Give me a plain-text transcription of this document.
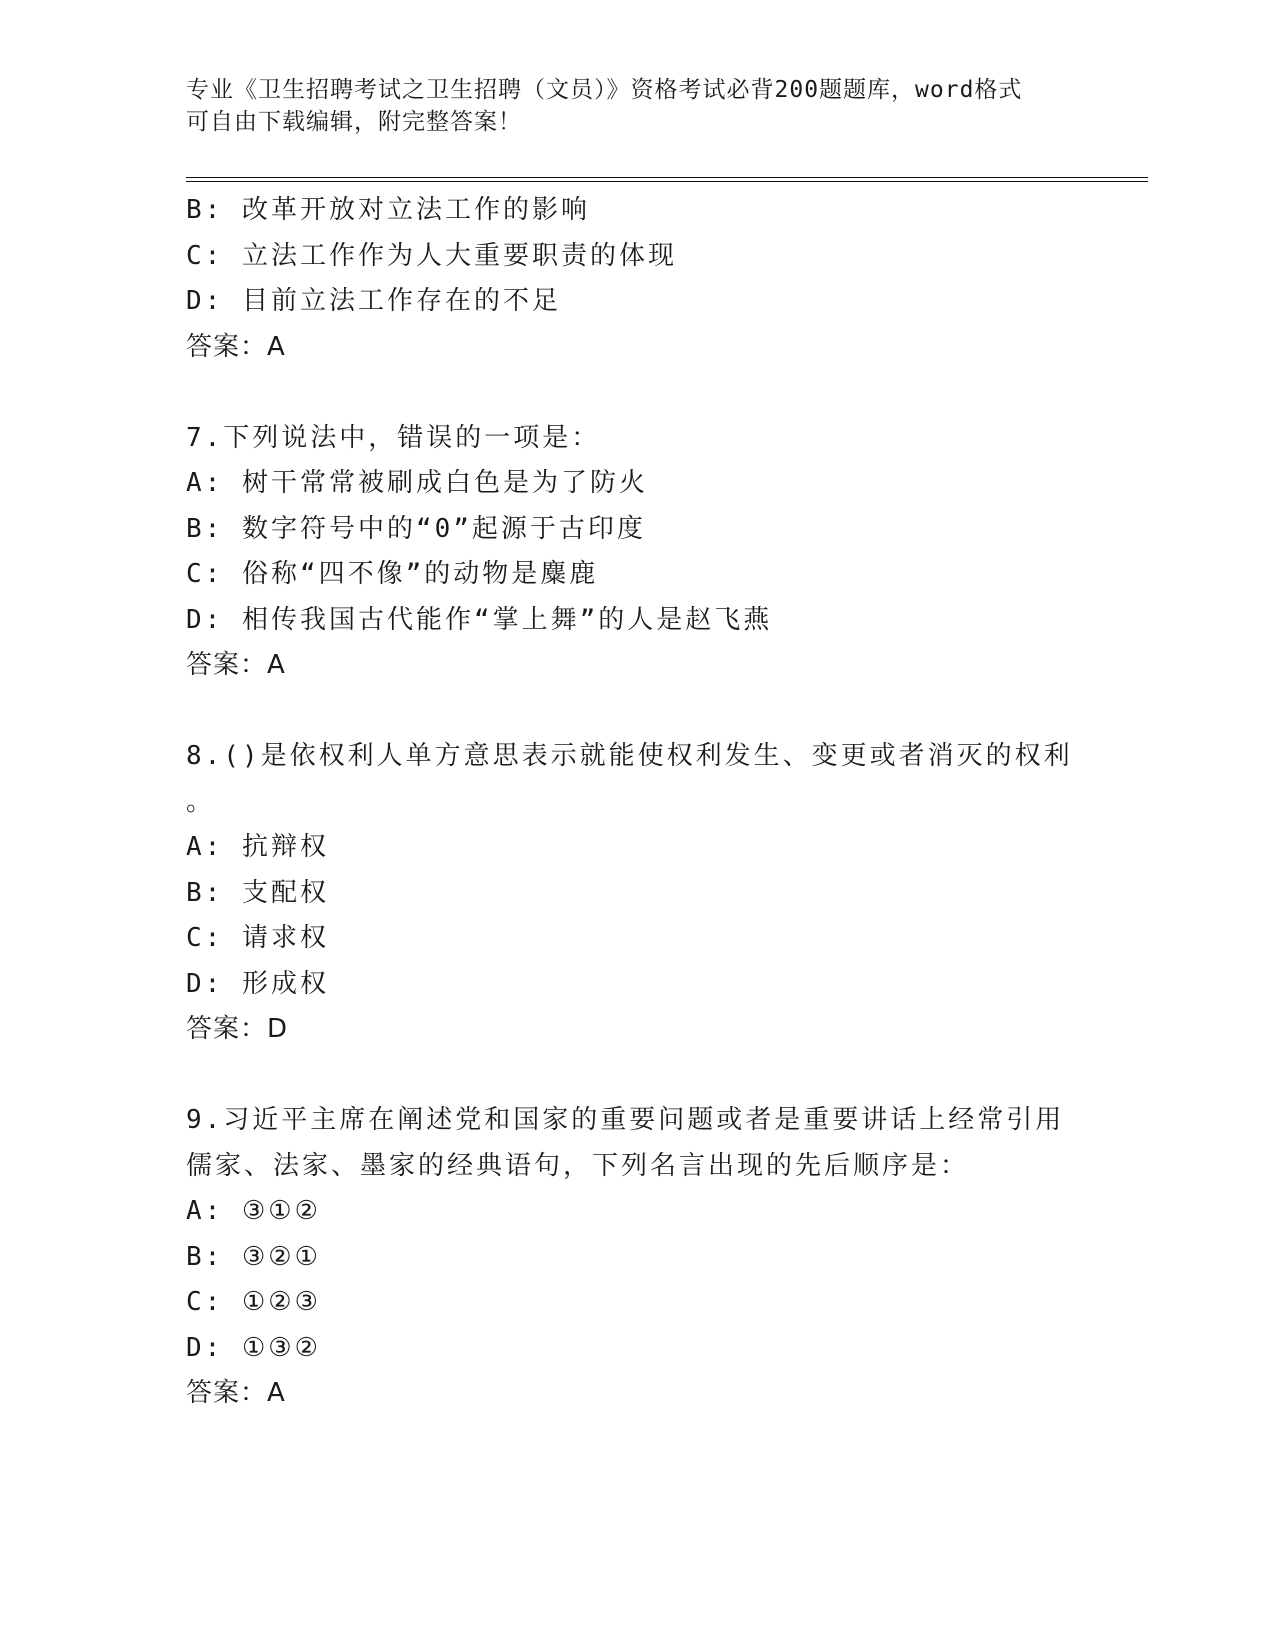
专业《卫生招聘考试之卫生招聘（文员）》资格考试必背200题题库，word格式
可自由下载编辑，附完整答案！
B: 改革开放对立法工作的影响
C: 立法工作作为人大重要职责的体现
D: 目前立法工作存在的不足
答案：A
7.下列说法中，错误的一项是：
A: 树干常常被刷成白色是为了防火
B: 数字符号中的“0”起源于古印度
C: 俗称“四不像”的动物是麋鹿
D: 相传我国古代能作“掌上舞”的人是赵飞燕
答案：A
8.()是依权利人单方意思表示就能使权利发生、变更或者消灭的权利
。
A: 抗辩权
B: 支配权
C: 请求权
D: 形成权
答案：D
9.习近平主席在阐述党和国家的重要问题或者是重要讲话上经常引用
儒家、法家、墨家的经典语句，下列名言出现的先后顺序是：
A: ③①②
B: ③②①
C: ①②③
D: ①③②
答案：A
